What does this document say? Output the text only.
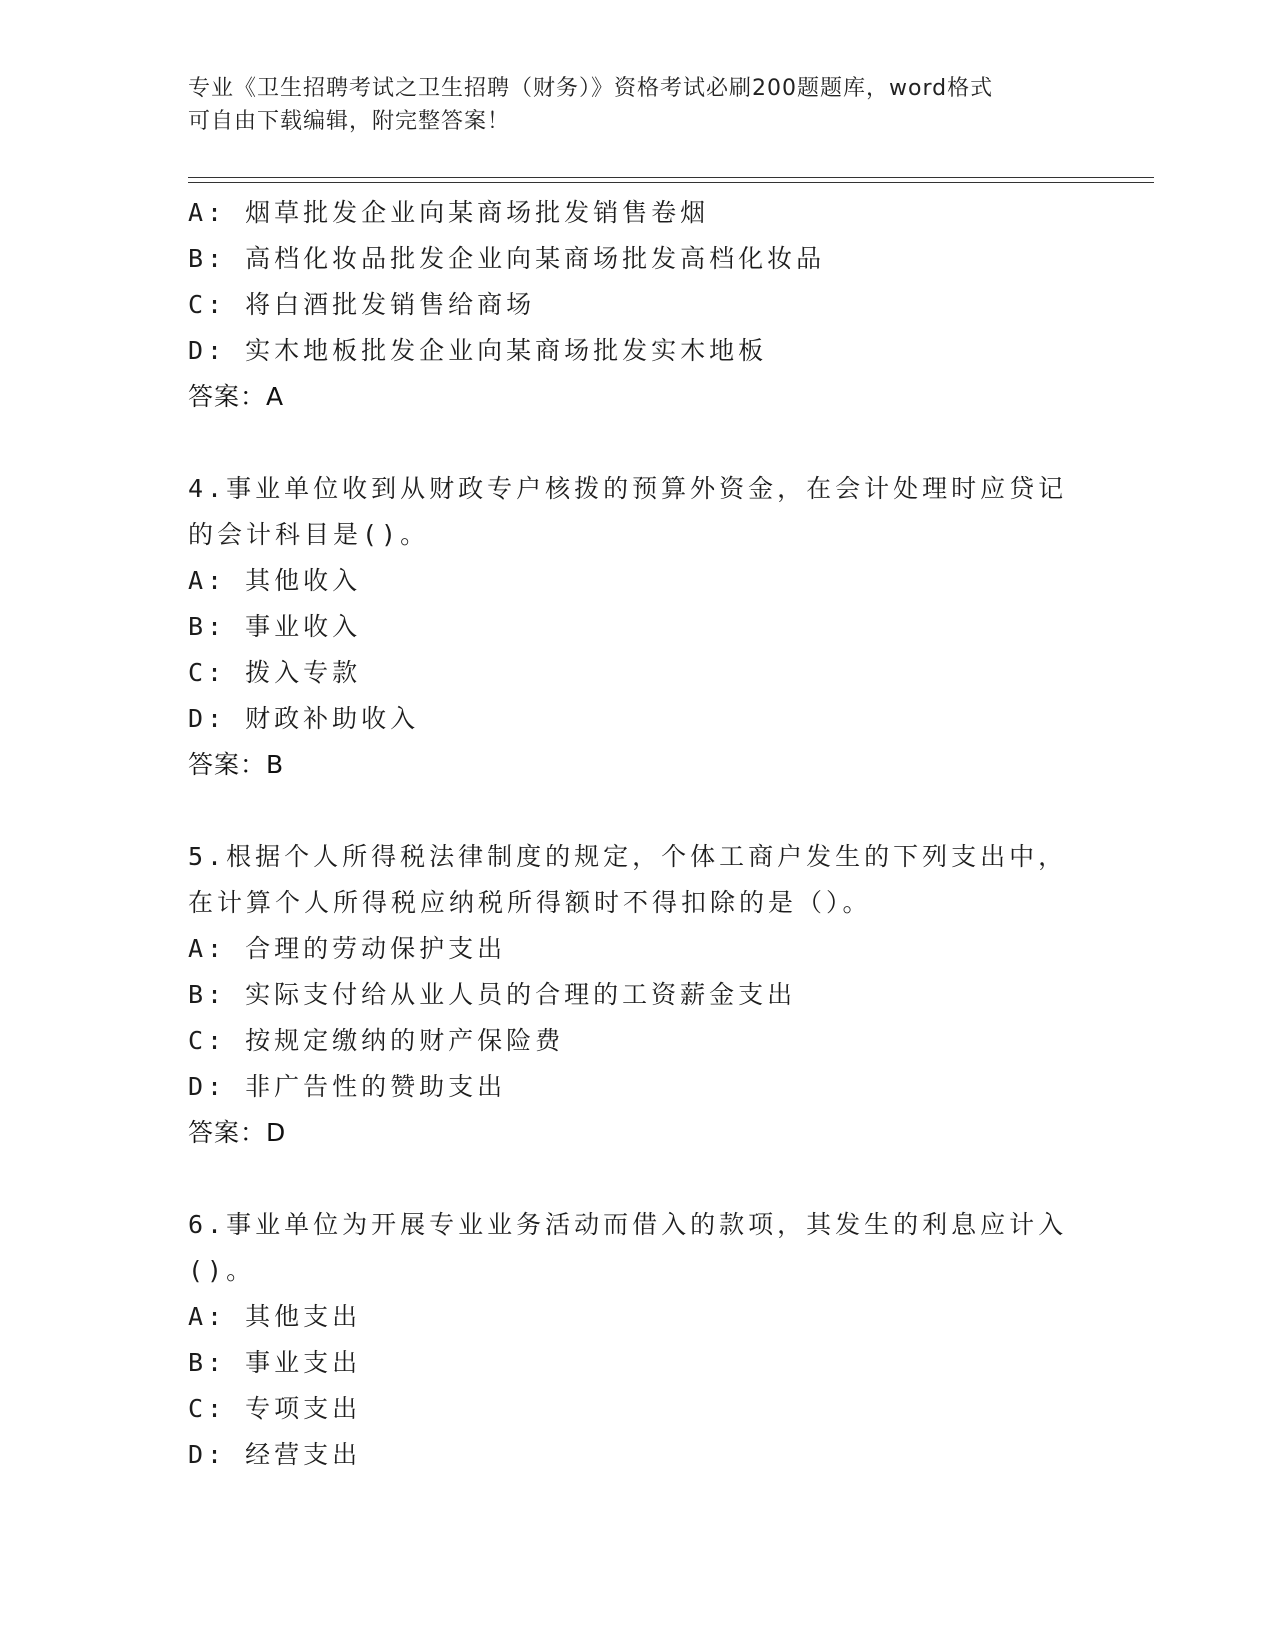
专业《卫生招聘考试之卫生招聘（财务）》资格考试必刷200题题库，word格式
可自由下载编辑，附完整答案！
A: 烟草批发企业向某商场批发销售卷烟
B: 高档化妆品批发企业向某商场批发高档化妆品
C: 将白酒批发销售给商场
D: 实木地板批发企业向某商场批发实木地板
答案：A
4.事业单位收到从财政专户核拨的预算外资金，在会计处理时应贷记
的会计科目是()。
A: 其他收入
B: 事业收入
C: 拨入专款
D: 财政补助收入
答案：B
5.根据个人所得税法律制度的规定，个体工商户发生的下列支出中，
在计算个人所得税应纳税所得额时不得扣除的是（）。
A: 合理的劳动保护支出
B: 实际支付给从业人员的合理的工资薪金支出
C: 按规定缴纳的财产保险费
D: 非广告性的赞助支出
答案：D
6.事业单位为开展专业业务活动而借入的款项，其发生的利息应计入
()。
A: 其他支出
B: 事业支出
C: 专项支出
D: 经营支出
